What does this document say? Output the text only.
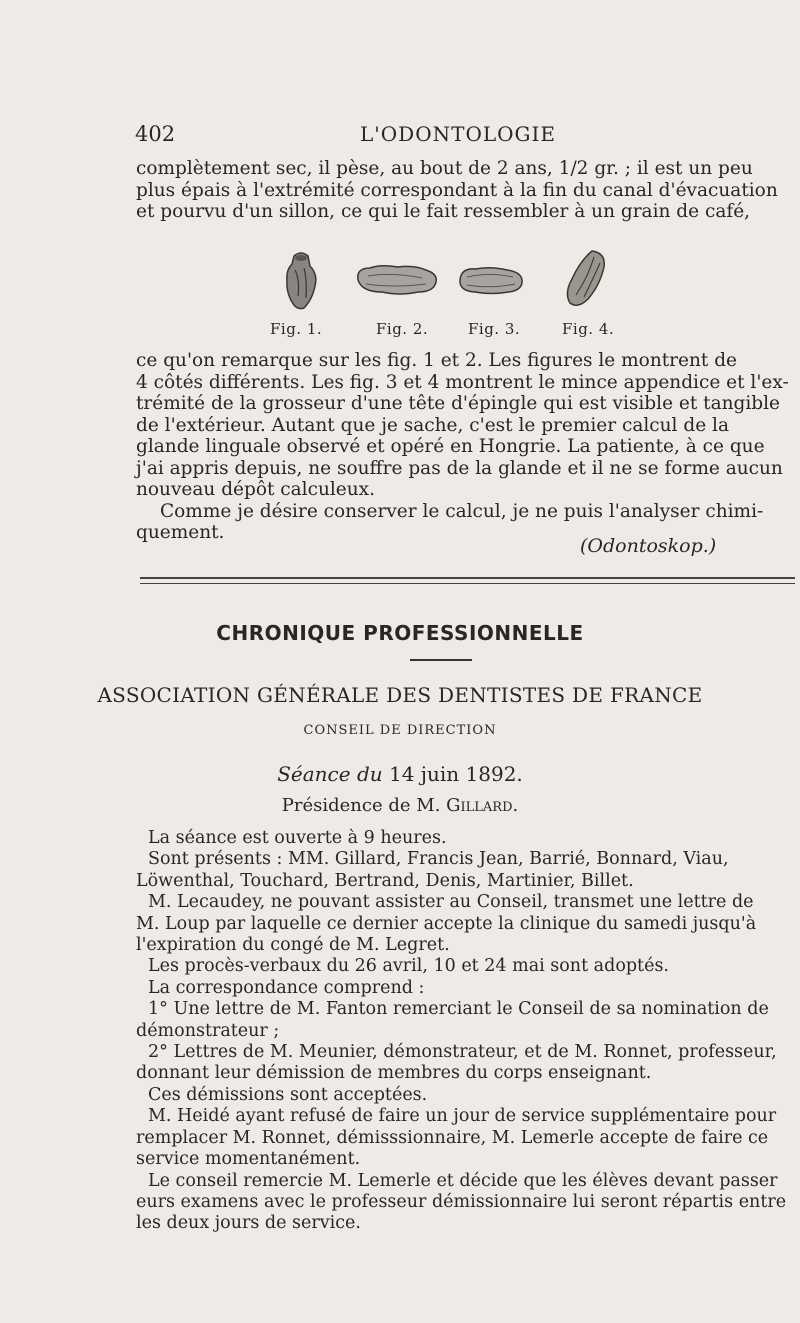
402	L'ODONTOLOGIE
complètement sec, il pèse, au bout de 2 ans, 1/2 gr. ; il est un peu
plus épais à l'extrémité correspondant à la fin du canal d'évacuation
et pourvu d'un sillon, ce qui le fait ressembler à un grain de café,
Fig. 1.	Fig. 2.	Fig. 3.	Fig. 4.
ce qu'on remarque sur les fig. 1 et 2. Les figures le montrent de
4 côtés différents. Les fig. 3 et 4 montrent le mince appendice et l'ex-
trémité de la grosseur d'une tête d'épingle qui est visible et tangible
de l'extérieur. Autant que je sache, c'est le premier calcul de la
glande linguale observé et opéré en Hongrie. La patiente, à ce que
j'ai appris depuis, ne souffre pas de la glande et il ne se forme aucun
nouveau dépôt calculeux.
Comme je désire conserver le calcul, je ne puis l'analyser chimi-
quement.
(Odontoskop.)
CHRONIQUE PROFESSIONNELLE
ASSOCIATION GÉNÉRALE DES DENTISTES DE FRANCE
CONSEIL DE DIRECTION
Séance du 14 juin 1892.
Présidence de M. Gillard.
La séance est ouverte à 9 heures.
Sont présents : MM. Gillard, Francis Jean, Barrié, Bonnard, Viau,
Löwenthal, Touchard, Bertrand, Denis, Martinier, Billet.
M. Lecaudey, ne pouvant assister au Conseil, transmet une lettre de
M. Loup par laquelle ce dernier accepte la clinique du samedi jusqu'à
l'expiration du congé de M. Legret.
Les procès-verbaux du 26 avril, 10 et 24 mai sont adoptés.
La correspondance comprend :
1° Une lettre de M. Fanton remerciant le Conseil de sa nomination de
démonstrateur ;
2° Lettres de M. Meunier, démonstrateur, et de M. Ronnet, professeur,
donnant leur démission de membres du corps enseignant.
Ces démissions sont acceptées.
M. Heidé ayant refusé de faire un jour de service supplémentaire pour
remplacer M. Ronnet, démisssionnaire, M. Lemerle accepte de faire ce
service momentanément.
Le conseil remercie M. Lemerle et décide que les élèves devant passer
eurs examens avec le professeur démissionnaire lui seront répartis entre
les deux jours de service.
